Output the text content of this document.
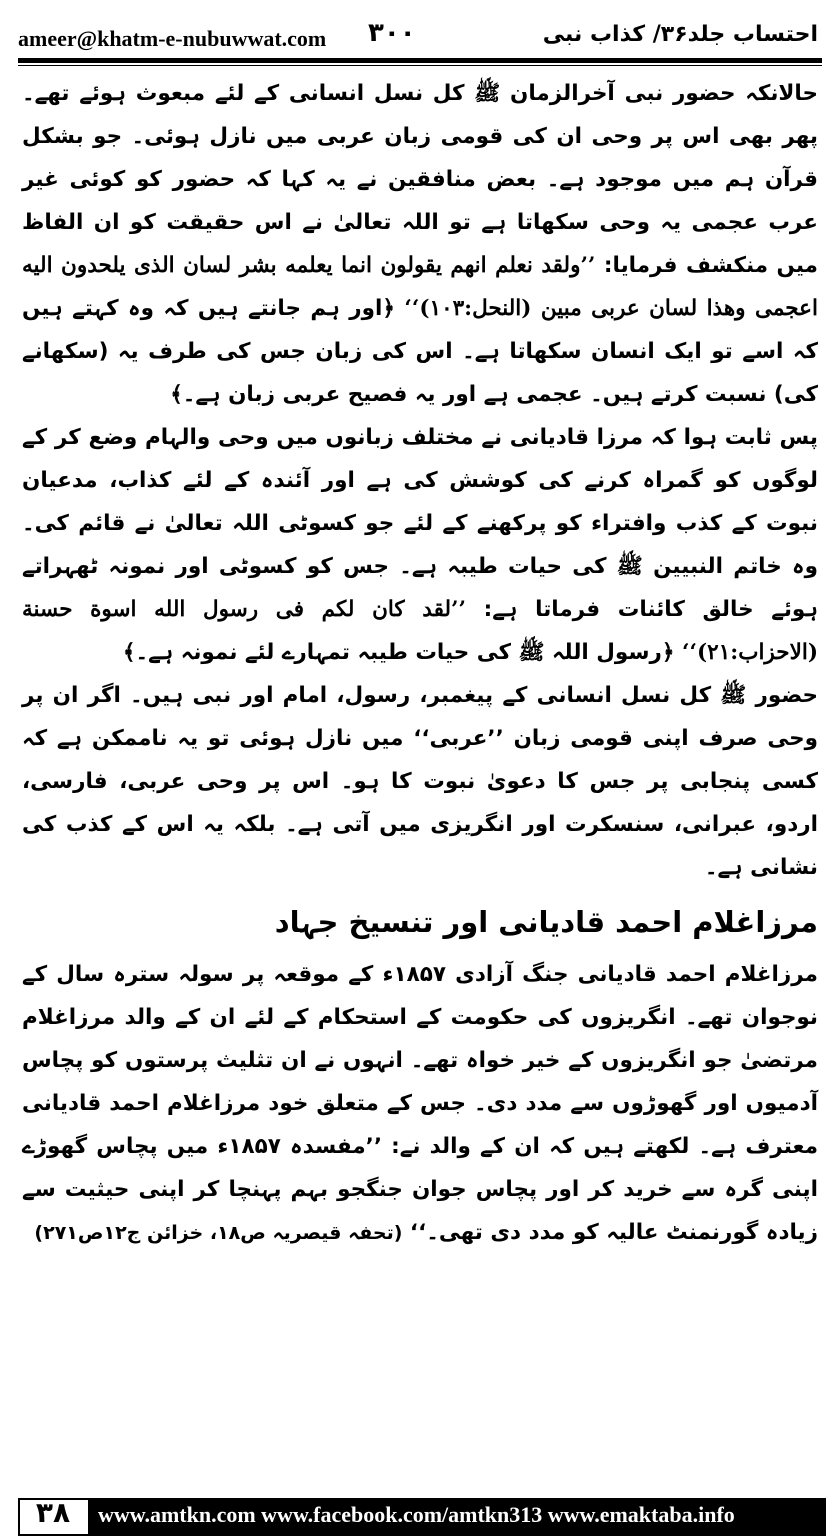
ameer@khatm-e-nubuwwat.com ۳۰۰	احتساب جلد۳۶/ کذاب نبی

حالانکہ حضور نبی آخرالزمان ﷺ کل نسل انسانی کے لئے مبعوث ہوئے تھے۔ پھر بھی اس پر وحی ان کی قومی زبان عربی میں نازل ہوئی۔ جو بشکل قرآن ہم میں موجود ہے۔ بعض منافقین نے یہ کہا کہ حضور کو کوئی غیر عرب عجمی یہ وحی سکھاتا ہے تو اللہ تعالیٰ نے اس حقیقت کو ان الفاظ میں منکشف فرمایا: ’’ولقد نعلم انهم يقولون انما يعلمه بشر لسان الذى يلحدون اليه اعجمى وهذا لسان عربى مبين (النحل:١٠٣)‘‘ ﴿اور ہم جانتے ہیں کہ وہ کہتے ہیں کہ اسے تو ایک انسان سکھاتا ہے۔ اس کی زبان جس کی طرف یہ (سکھانے کی) نسبت کرتے ہیں۔ عجمی ہے اور یہ فصیح عربی زبان ہے۔﴾

پس ثابت ہوا کہ مرزا قادیانی نے مختلف زبانوں میں وحی والہام وضع کر کے لوگوں کو گمراہ کرنے کی کوشش کی ہے اور آئندہ کے لئے کذاب، مدعیان نبوت کے کذب وافتراء کو پرکھنے کے لئے جو کسوٹی اللہ تعالیٰ نے قائم کی۔ وہ خاتم النبیین ﷺ کی حیات طیبہ ہے۔ جس کو کسوٹی اور نمونہ ٹھہراتے ہوئے خالق کائنات فرماتا ہے: ’’لقد كان لكم فى رسول الله اسوة حسنة (الاحزاب:٢١)‘‘ ﴿رسول اللہ ﷺ کی حیات طیبہ تمہارے لئے نمونہ ہے۔﴾

حضور ﷺ کل نسل انسانی کے پیغمبر، رسول، امام اور نبی ہیں۔ اگر ان پر وحی صرف اپنی قومی زبان ’’عربی‘‘ میں نازل ہوئی تو یہ ناممکن ہے کہ کسی پنجابی پر جس کا دعویٰ نبوت کا ہو۔ اس پر وحی عربی، فارسی، اردو، عبرانی، سنسکرت اور انگریزی میں آتی ہے۔ بلکہ یہ اس کے کذب کی نشانی ہے۔

مرزاغلام احمد قادیانی اور تنسیخ جہاد

مرزاغلام احمد قادیانی جنگ آزادی ۱۸۵۷ء کے موقعہ پر سولہ سترہ سال کے نوجوان تھے۔ انگریزوں کی حکومت کے استحکام کے لئے ان کے والد مرزاغلام مرتضیٰ جو انگریزوں کے خیر خواہ تھے۔ انہوں نے ان تثلیث پرستوں کو پچاس آدمیوں اور گھوڑوں سے مدد دی۔ جس کے متعلق خود مرزاغلام احمد قادیانی معترف ہے۔ لکھتے ہیں کہ ان کے والد نے: ’’مفسدہ ۱۸۵۷ء میں پچاس گھوڑے اپنی گرہ سے خرید کر اور پچاس جوان جنگجو بہم پہنچا کر اپنی حیثیت سے زیادہ گورنمنٹ عالیہ کو مدد دی تھی۔‘‘ (تحفہ قیصریہ ص۱۸، خزائن ج۱۲ص۲۷۱)

۳۸	www.amtkn.com www.facebook.com/amtkn313 www.emaktaba.info
